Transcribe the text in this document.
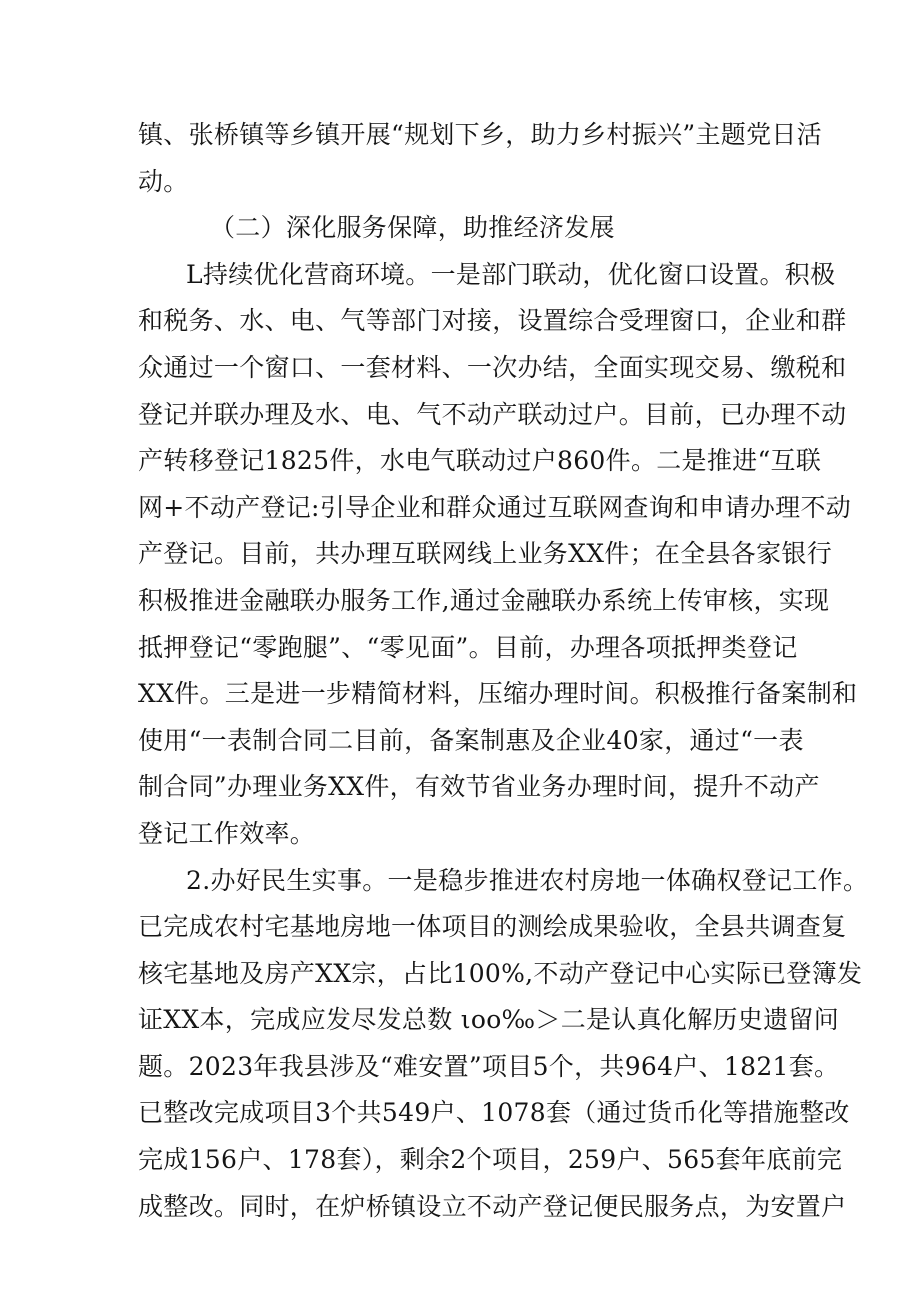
镇、张桥镇等乡镇开展“规划下乡，助力乡村振兴”主题党日活
动。
（二）深化服务保障，助推经济发展
L持续优化营商环境。一是部门联动，优化窗口设置。积极
和税务、水、电、气等部门对接，设置综合受理窗口，企业和群
众通过一个窗口、一套材料、一次办结，全面实现交易、缴税和
登记并联办理及水、电、气不动产联动过户。目前，已办理不动
产转移登记1825件，水电气联动过户860件。二是推进“互联
网+不动产登记:引导企业和群众通过互联网查询和申请办理不动
产登记。目前，共办理互联网线上业务XX件；在全县各家银行
积极推进金融联办服务工作,通过金融联办系统上传审核，实现
抵押登记“零跑腿”、“零见面”。目前，办理各项抵押类登记
XX件。三是进一步精简材料，压缩办理时间。积极推行备案制和
使用“一表制合同二目前，备案制惠及企业40家，通过“一表
制合同”办理业务XX件，有效节省业务办理时间，提升不动产
登记工作效率。
2.办好民生实事。一是稳步推进农村房地一体确权登记工作。
已完成农村宅基地房地一体项目的测绘成果验收，全县共调查复
核宅基地及房产XX宗，占比100%,不动产登记中心实际已登簿发
证XX本，完成应发尽发总数 ιoo‰＞二是认真化解历史遗留问
题。2023年我县涉及“难安置”项目5个，共964户、1821套。
已整改完成项目3个共549户、1078套（通过货币化等措施整改
完成156户、178套），剩余2个项目，259户、565套年底前完
成整改。同时，在炉桥镇设立不动产登记便民服务点，为安置户
